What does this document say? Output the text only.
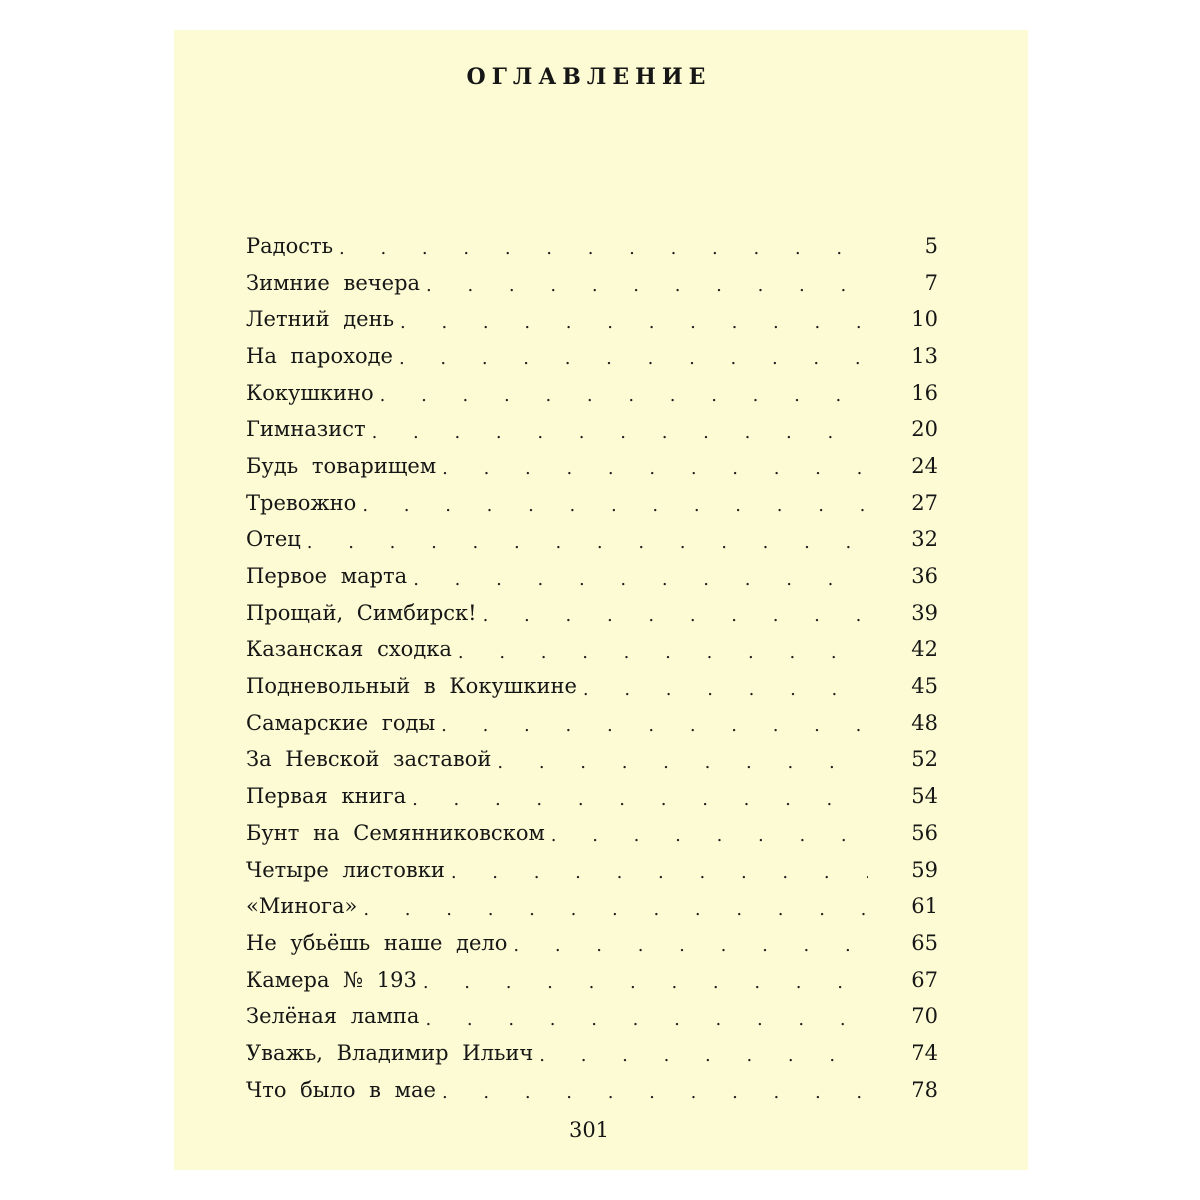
ОГЛАВЛЕНИЕ
Радость . . .	5
Зимние вечера . . .	7
Летний день . . .	10
На пароходе . . .	13
Кокушкино . . .	16
Гимназист . . .	20
Будь товарищем . . .	24
Тревожно . . .	27
Отец . . .	32
Первое марта . . .	36
Прощай, Симбирск! . . .	39
Казанская сходка . . .	42
Подневольный в Кокушкине . . .	45
Самарские годы . . .	48
За Невской заставой . . .	52
Первая книга . . .	54
Бунт на Семянниковском . . .	56
Четыре листовки . . .	59
«Минога» . . .	61
Не убьёшь наше дело . . .	65
Камера № 193 . . .	67
Зелёная лампа . . .	70
Уважь, Владимир Ильич . . .	74
Что было в мае . . .	78
301
